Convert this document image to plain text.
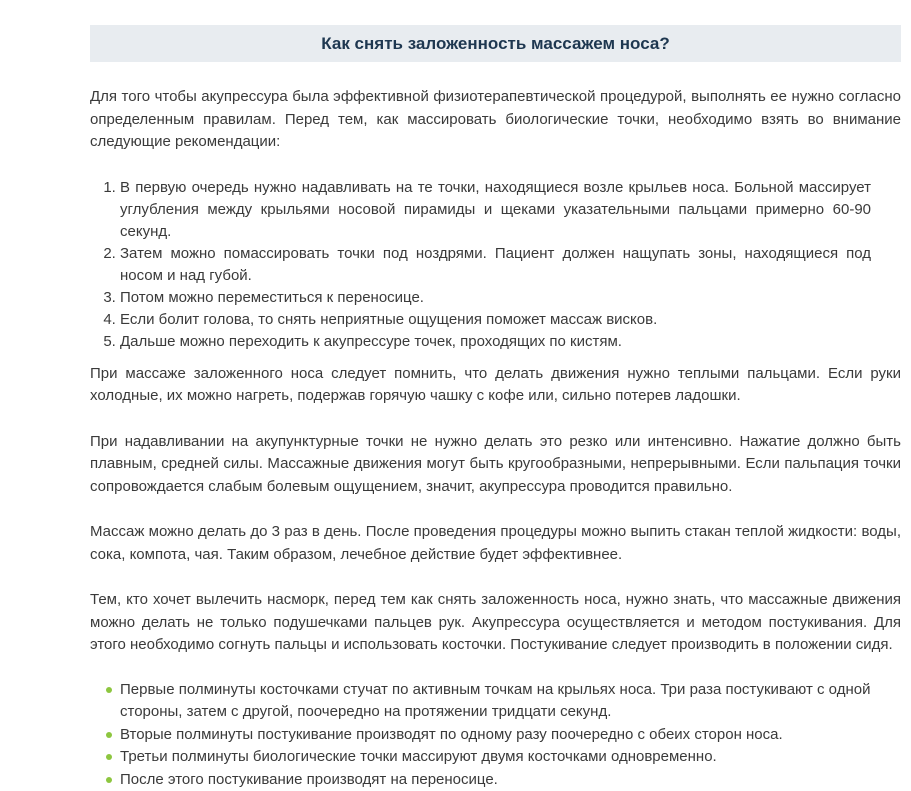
Как снять заложенность массажем носа?

Для того чтобы акупрессура была эффективной физиотерапевтической процедурой, выполнять ее нужно согласно определенным правилам. Перед тем, как массировать биологические точки, необходимо взять во внимание следующие рекомендации:

1. В первую очередь нужно надавливать на те точки, находящиеся возле крыльев носа. Больной массирует углубления между крыльями носовой пирамиды и щеками указательными пальцами примерно 60-90 секунд.
2. Затем можно помассировать точки под ноздрями. Пациент должен нащупать зоны, находящиеся под носом и над губой.
3. Потом можно переместиться к переносице.
4. Если болит голова, то снять неприятные ощущения поможет массаж висков.
5. Дальше можно переходить к акупрессуре точек, проходящих по кистям.

При массаже заложенного носа следует помнить, что делать движения нужно теплыми пальцами. Если руки холодные, их можно нагреть, подержав горячую чашку с кофе или, сильно потерев ладошки.

При надавливании на акупунктурные точки не нужно делать это резко или интенсивно. Нажатие должно быть плавным, средней силы. Массажные движения могут быть кругообразными, непрерывными. Если пальпация точки сопровождается слабым болевым ощущением, значит, акупрессура проводится правильно.

Массаж можно делать до 3 раз в день. После проведения процедуры можно выпить стакан теплой жидкости: воды, сока, компота, чая. Таким образом, лечебное действие будет эффективнее.

Тем, кто хочет вылечить насморк, перед тем как снять заложенность носа, нужно знать, что массажные движения можно делать не только подушечками пальцев рук. Акупрессура осуществляется и методом постукивания. Для этого необходимо согнуть пальцы и использовать косточки. Постукивание следует производить в положении сидя.

Первые полминуты косточками стучат по активным точкам на крыльях носа. Три раза постукивают с одной стороны, затем с другой, поочередно на протяжении тридцати секунд.
Вторые полминуты постукивание производят по одному разу поочередно с обеих сторон носа.
Третьи полминуты биологические точки массируют двумя косточками одновременно.
После этого постукивание производят на переносице.
